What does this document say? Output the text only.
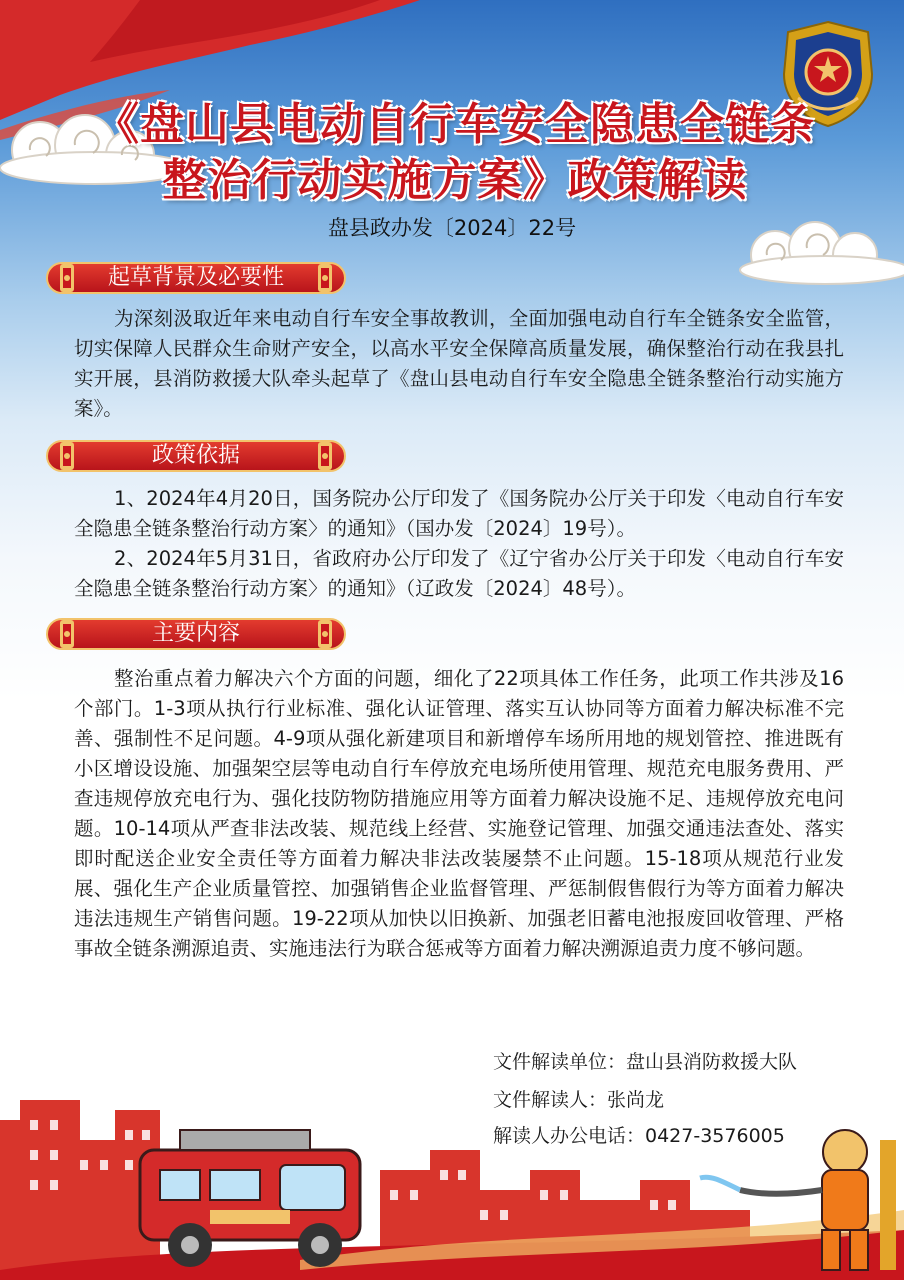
《盘山县电动自行车安全隐患全链条
整治行动实施方案》政策解读
盘县政办发〔2024〕22号
起草背景及必要性

为深刻汲取近年来电动自行车安全事故教训，全面加强电动自行车全链条安全监管，切实保障人民群众生命财产安全，以高水平安全保障高质量发展，确保整治行动在我县扎实开展，县消防救援大队牵头起草了《盘山县电动自行车安全隐患全链条整治行动实施方案》。

政策依据

1、2024年4月20日，国务院办公厅印发了《国务院办公厅关于印发〈电动自行车安全隐患全链条整治行动方案〉的通知》（国办发〔2024〕19号）。

2、2024年5月31日，省政府办公厅印发了《辽宁省办公厅关于印发〈电动自行车安全隐患全链条整治行动方案〉的通知》（辽政发〔2024〕48号）。

主要内容

整治重点着力解决六个方面的问题，细化了22项具体工作任务，此项工作共涉及16个部门。1-3项从执行行业标准、强化认证管理、落实互认协同等方面着力解决标准不完善、强制性不足问题。4-9项从强化新建项目和新增停车场所用地的规划管控、推进既有小区增设设施、加强架空层等电动自行车停放充电场所使用管理、规范充电服务费用、严查违规停放充电行为、强化技防物防措施应用等方面着力解决设施不足、违规停放充电问题。10-14项从严查非法改装、规范线上经营、实施登记管理、加强交通违法查处、落实即时配送企业安全责任等方面着力解决非法改装屡禁不止问题。15-18项从规范行业发展、强化生产企业质量管控、加强销售企业监督管理、严惩制假售假行为等方面着力解决违法违规生产销售问题。19-22项从加快以旧换新、加强老旧蓄电池报废回收管理、严格事故全链条溯源追责、实施违法行为联合惩戒等方面着力解决溯源追责力度不够问题。

文件解读单位：盘山县消防救援大队
文件解读人：张尚龙
解读人办公电话：0427-3576005
